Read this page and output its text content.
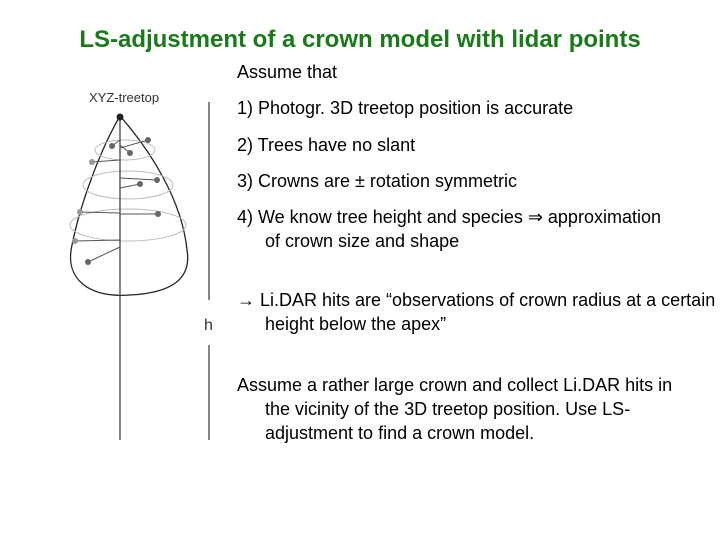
LS-adjustment of a crown model with lidar points
XYZ-treetop
h
Assume that
1) Photogr. 3D treetop position is accurate
2) Trees have no slant
3) Crowns are ± rotation symmetric
4) We know tree height and species ⇒ approximation of crown size and shape
→ Li.DAR hits are “observations of crown radius at a certain height below the apex”
Assume a rather large crown and collect Li.DAR hits in the vicinity of the 3D treetop position. Use LS-adjustment to find a crown model.
